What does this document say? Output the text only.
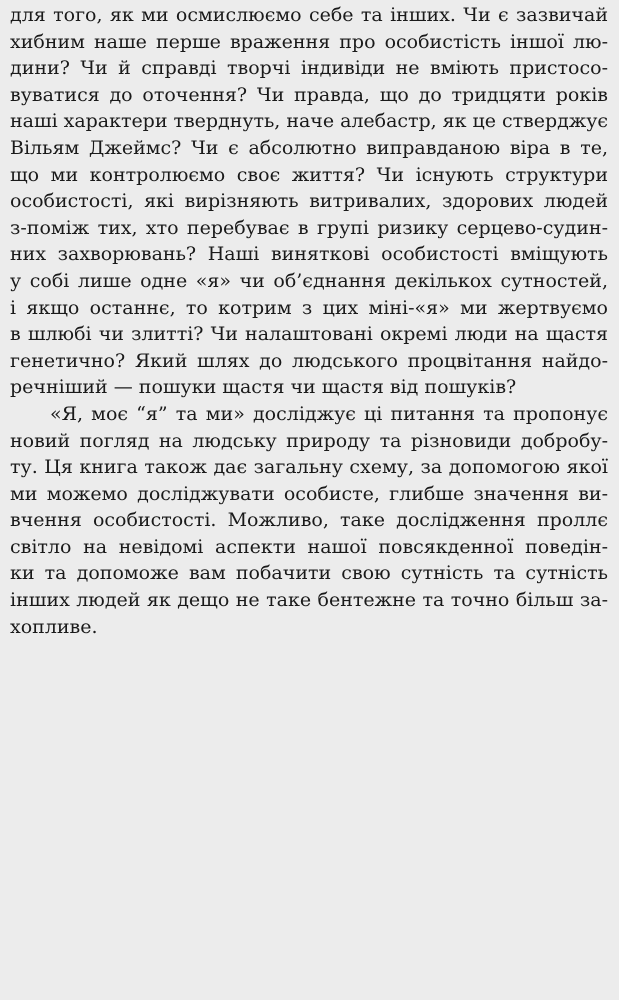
для того, як ми осмислюємо себе та інших. Чи є зазвичай
хибним наше перше враження про особистість іншої лю-
дини? Чи й справді творчі індивіди не вміють пристосо-
вуватися до оточення? Чи правда, що до тридцяти років
наші характери тверднуть, наче алебастр, як це стверджує
Вільям Джеймс? Чи є абсолютно виправданою віра в те,
що ми контролюємо своє життя? Чи існують структури
особистості, які вирізняють витривалих, здорових людей
з-поміж тих, хто перебуває в групі ризику серцево-судин-
них захворювань? Наші виняткові особистості вміщують
у собі лише одне «я» чи об’єднання декількох сутностей,
і якщо останнє, то котрим з цих міні-«я» ми жертвуємо
в шлюбі чи злитті? Чи налаштовані окремі люди на щастя
генетично? Який шлях до людського процвітання найдо-
речніший — пошуки щастя чи щастя від пошуків?
«Я, моє “я” та ми» досліджує ці питання та пропонує
новий погляд на людську природу та різновиди добробу-
ту. Ця книга також дає загальну схему, за допомогою якої
ми можемо досліджувати особисте, глибше значення ви-
вчення особистості. Можливо, таке дослідження проллє
світло на невідомі аспекти нашої повсякденної поведін-
ки та допоможе вам побачити свою сутність та сутність
інших людей як дещо не таке бентежне та точно більш за-
хопливе.
